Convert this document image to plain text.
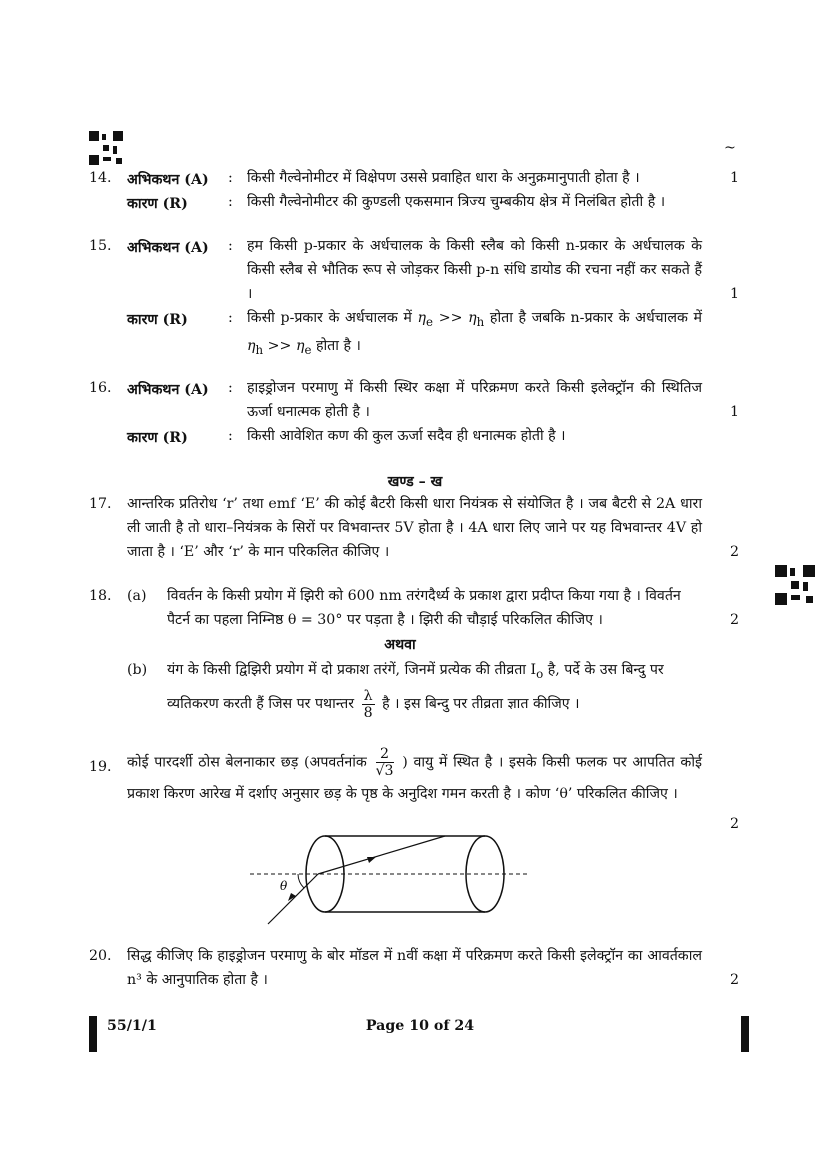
~
14. अभिकथन (A) : किसी गैल्वेनोमीटर में विक्षेपण उससे प्रवाहित धारा के अनुक्रमानुपाती होता है ।	1
कारण (R)	: किसी गैल्वेनोमीटर की कुण्डली एकसमान त्रिज्य चुम्बकीय क्षेत्र में निलंबित होती है ।
15. अभिकथन (A) : हम किसी p-प्रकार के अर्धचालक के किसी स्लैब को किसी n-प्रकार के अर्धचालक के किसी स्लैब से भौतिक रूप से जोड़कर किसी p-n संधि डायोड की रचना नहीं कर सकते हैं ।	1
कारण (R)	: किसी p-प्रकार के अर्धचालक में $\eta_e >> \eta_h$ होता है जबकि n-प्रकार के अर्धचालक में $\eta_h >> \eta_e$ होता है ।
16. अभिकथन (A) : हाइड्रोजन परमाणु में किसी स्थिर कक्षा में परिक्रमण करते किसी इलेक्ट्रॉन की स्थितिज ऊर्जा धनात्मक होती है ।	1
कारण (R)	: किसी आवेशित कण की कुल ऊर्जा सदैव ही धनात्मक होती है ।
खण्ड – ख
17. आन्तरिक प्रतिरोध ‘r’ तथा emf ‘E’ की कोई बैटरी किसी धारा नियंत्रक से संयोजित है । जब बैटरी से 2A धारा ली जाती है तो धारा–नियंत्रक के सिरों पर विभवान्तर 5V होता है । 4A धारा लिए जाने पर यह विभवान्तर 4V हो जाता है । ‘E’ और ‘r’ के मान परिकलित कीजिए ।	2
18. (a) विवर्तन के किसी प्रयोग में झिरी को 600 nm तरंगदैर्ध्य के प्रकाश द्वारा प्रदीप्त किया गया है । विवर्तन पैटर्न का पहला निम्निष्ठ θ = 30° पर पड़ता है । झिरी की चौड़ाई परिकलित कीजिए ।	2
अथवा
(b) यंग के किसी द्विझिरी प्रयोग में दो प्रकाश तरंगें, जिनमें प्रत्येक की तीव्रता $I_o$ है, पर्दे के उस बिन्दु पर
व्यतिकरण करती हैं जिस पर पथान्तर $\frac{\lambda}{8}$ है । इस बिन्दु पर तीव्रता ज्ञात कीजिए ।
19. कोई पारदर्शी ठोस बेलनाकार छड़ (अपवर्तनांक $\frac{2}{√3}$ ) वायु में स्थित है । इसके किसी फलक पर आपतित कोई प्रकाश किरण आरेख में दर्शाए अनुसार छड़ के पृष्ठ के अनुदिश गमन करती है । कोण ‘θ’ परिकलित कीजिए ।
2
θ
20. सिद्ध कीजिए कि हाइड्रोजन परमाणु के बोर मॉडल में nवीं कक्षा में परिक्रमण करते किसी इलेक्ट्रॉन का आवर्तकाल n³ के आनुपातिक होता है ।	2
55/1/1	Page 10 of 24
